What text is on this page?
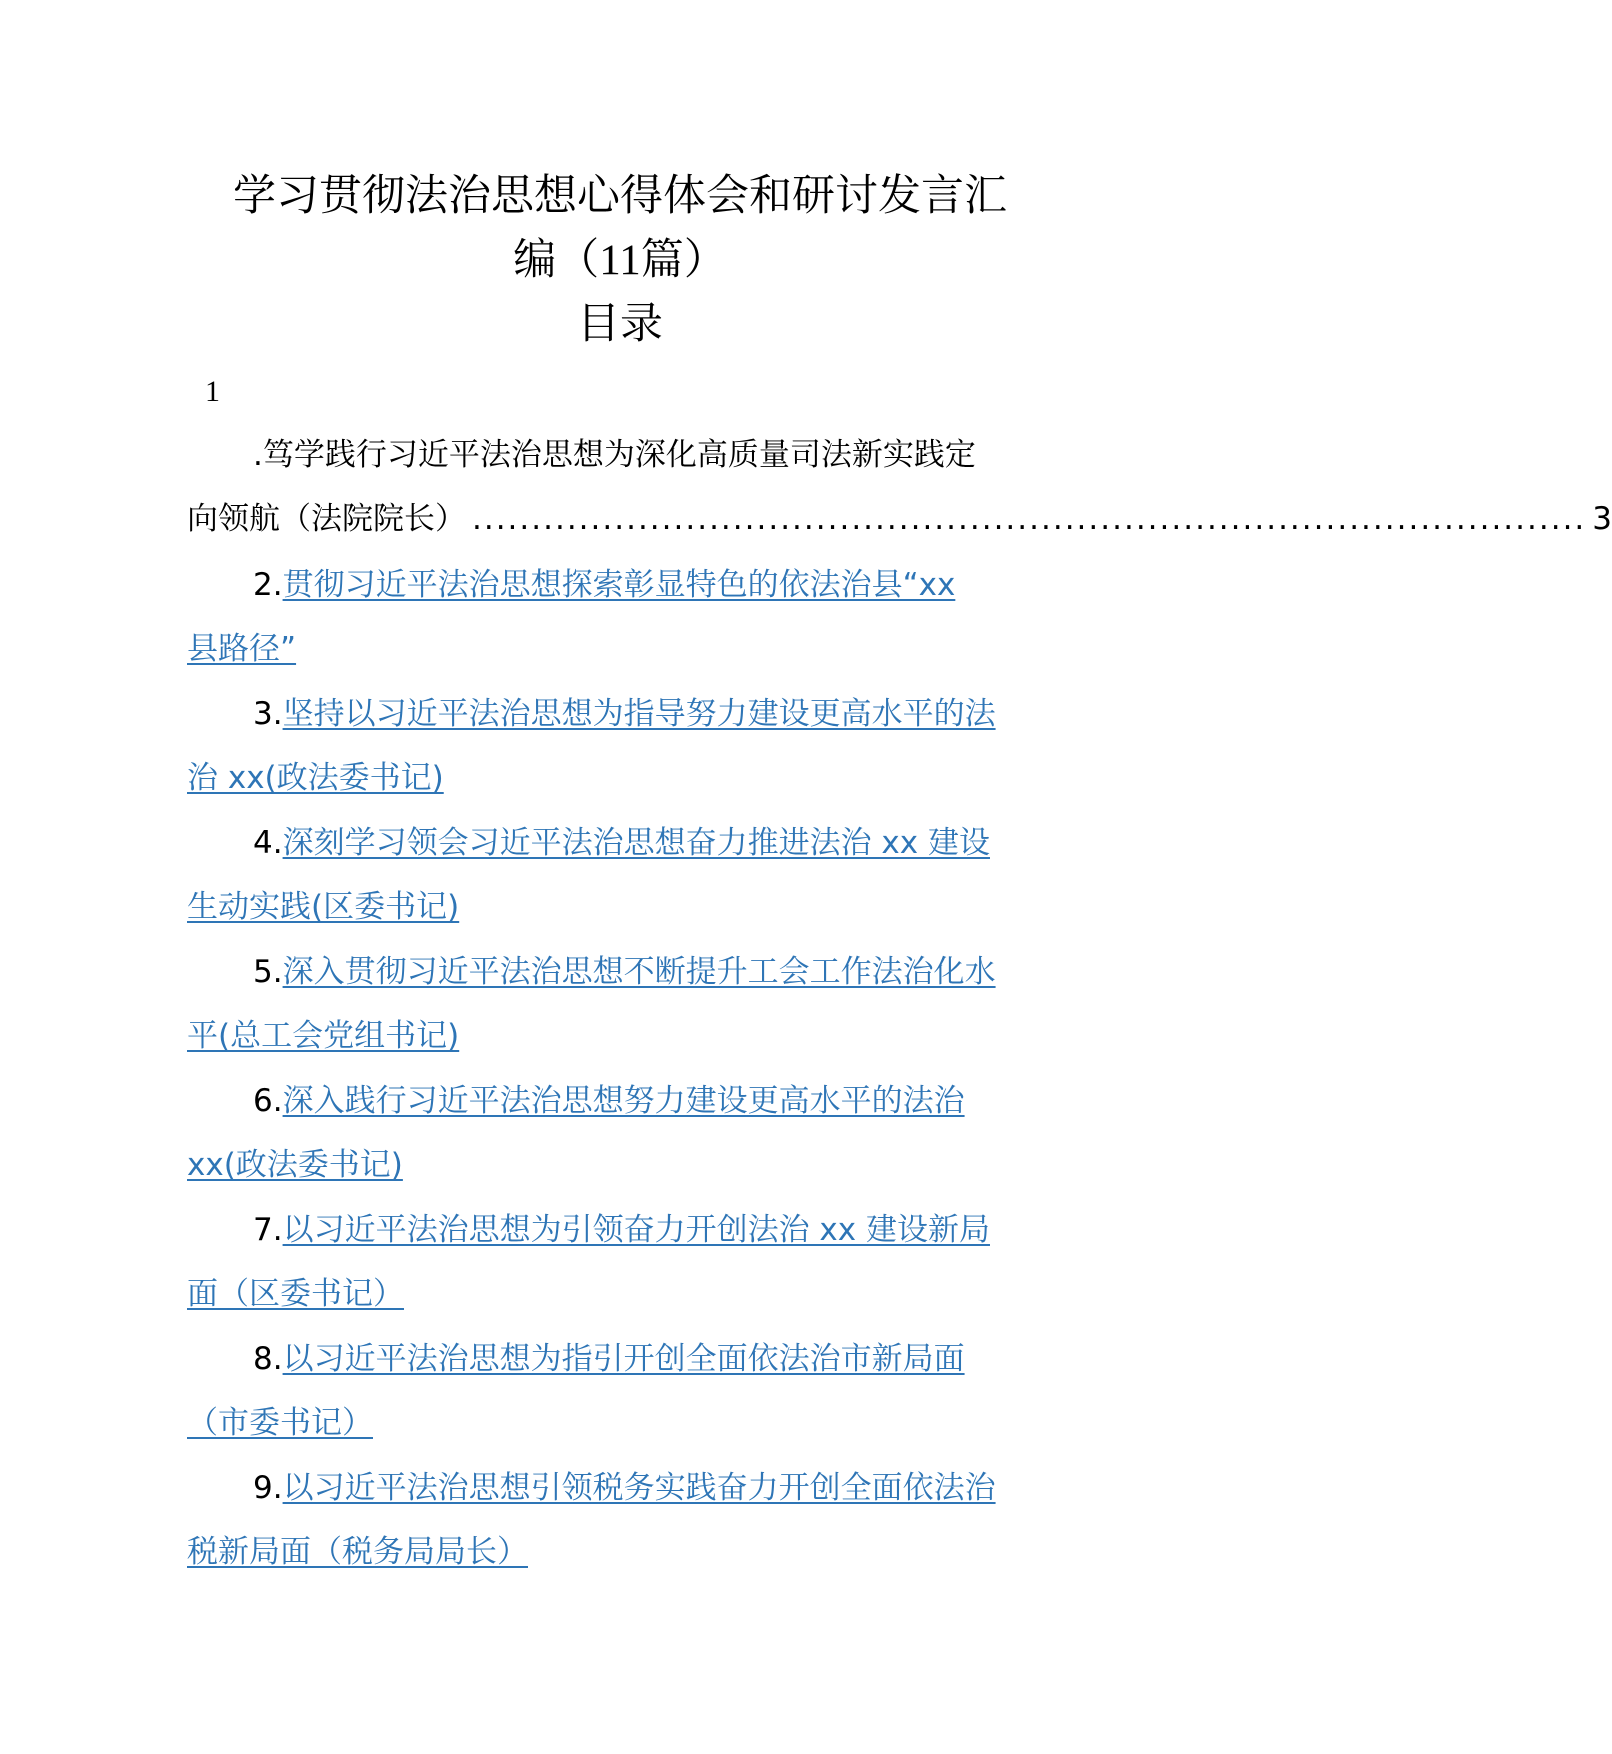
学习贯彻法治思想心得体会和研讨发言汇
编（11篇）
目录
1
.笃学践行习近平法治思想为深化高质量司法新实践定
向领航（法院院长） .............................................................................................. 3
2.贯彻习近平法治思想探索彰显特色的依法治县“xx
县路径”
3.坚持以习近平法治思想为指导努力建设更高水平的法
治 xx(政法委书记)
4.深刻学习领会习近平法治思想奋力推进法治 xx 建设
生动实践(区委书记)
5.深入贯彻习近平法治思想不断提升工会工作法治化水
平(总工会党组书记)
6.深入践行习近平法治思想努力建设更高水平的法治
xx(政法委书记)
7.以习近平法治思想为引领奋力开创法治 xx 建设新局
面（区委书记）
8.以习近平法治思想为指引开创全面依法治市新局面
（市委书记）
9.以习近平法治思想引领税务实践奋力开创全面依法治
税新局面（税务局局长）
